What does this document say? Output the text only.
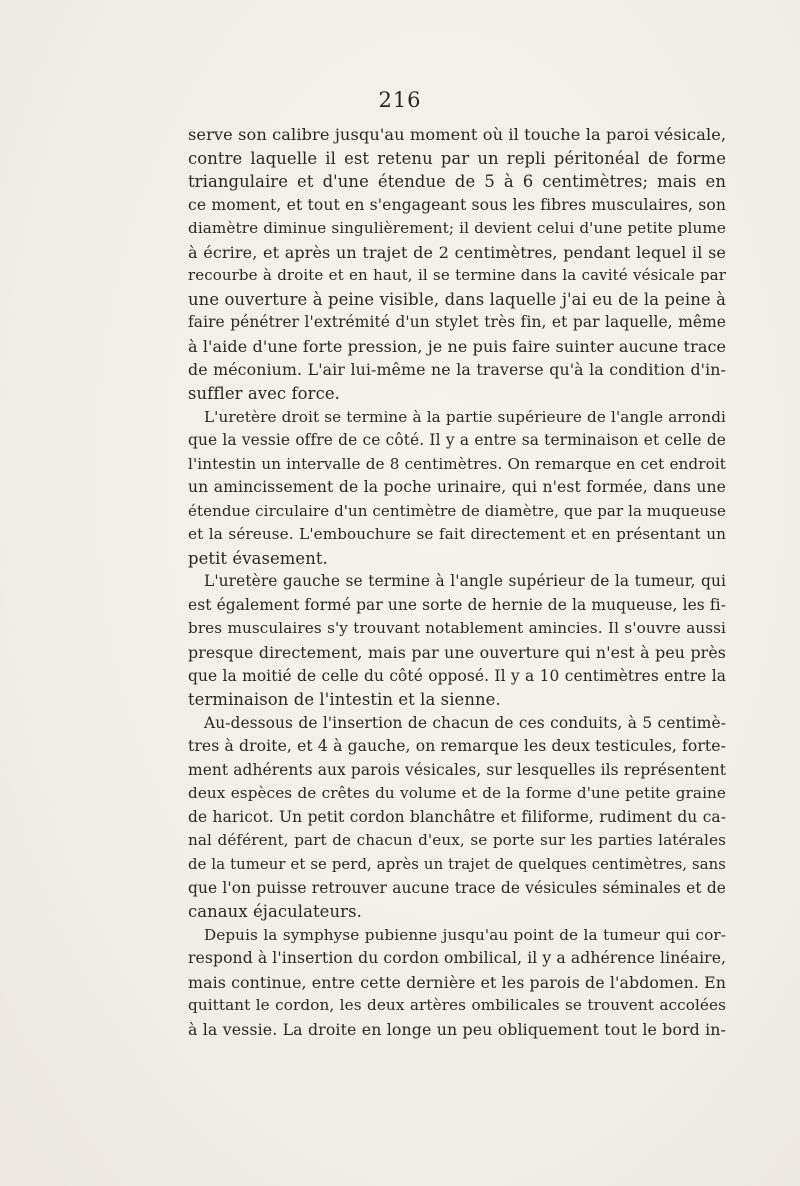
216
serve son calibre jusqu'au moment où il touche la paroi vésicale,
contre laquelle il est retenu par un repli péritonéal de forme
triangulaire et d'une étendue de 5 à 6 centimètres; mais en
ce moment, et tout en s'engageant sous les fibres musculaires, son
diamètre diminue singulièrement; il devient celui d'une petite plume
à écrire, et après un trajet de 2 centimètres, pendant lequel il se
recourbe à droite et en haut, il se termine dans la cavité vésicale par
une ouverture à peine visible, dans laquelle j'ai eu de la peine à
faire pénétrer l'extrémité d'un stylet très fin, et par laquelle, même
à l'aide d'une forte pression, je ne puis faire suinter aucune trace
de méconium. L'air lui-même ne la traverse qu'à la condition d'in-
suffler avec force.
L'uretère droit se termine à la partie supérieure de l'angle arrondi
que la vessie offre de ce côté. Il y a entre sa terminaison et celle de
l'intestin un intervalle de 8 centimètres. On remarque en cet endroit
un amincissement de la poche urinaire, qui n'est formée, dans une
étendue circulaire d'un centimètre de diamètre, que par la muqueuse
et la séreuse. L'embouchure se fait directement et en présentant un
petit évasement.
L'uretère gauche se termine à l'angle supérieur de la tumeur, qui
est également formé par une sorte de hernie de la muqueuse, les fi-
bres musculaires s'y trouvant notablement amincies. Il s'ouvre aussi
presque directement, mais par une ouverture qui n'est à peu près
que la moitié de celle du côté opposé. Il y a 10 centimètres entre la
terminaison de l'intestin et la sienne.
Au-dessous de l'insertion de chacun de ces conduits, à 5 centimè-
tres à droite, et 4 à gauche, on remarque les deux testicules, forte-
ment adhérents aux parois vésicales, sur lesquelles ils représentent
deux espèces de crêtes du volume et de la forme d'une petite graine
de haricot. Un petit cordon blanchâtre et filiforme, rudiment du ca-
nal déférent, part de chacun d'eux, se porte sur les parties latérales
de la tumeur et se perd, après un trajet de quelques centimètres, sans
que l'on puisse retrouver aucune trace de vésicules séminales et de
canaux éjaculateurs.
Depuis la symphyse pubienne jusqu'au point de la tumeur qui cor-
respond à l'insertion du cordon ombilical, il y a adhérence linéaire,
mais continue, entre cette dernière et les parois de l'abdomen. En
quittant le cordon, les deux artères ombilicales se trouvent accolées
à la vessie. La droite en longe un peu obliquement tout le bord in-
